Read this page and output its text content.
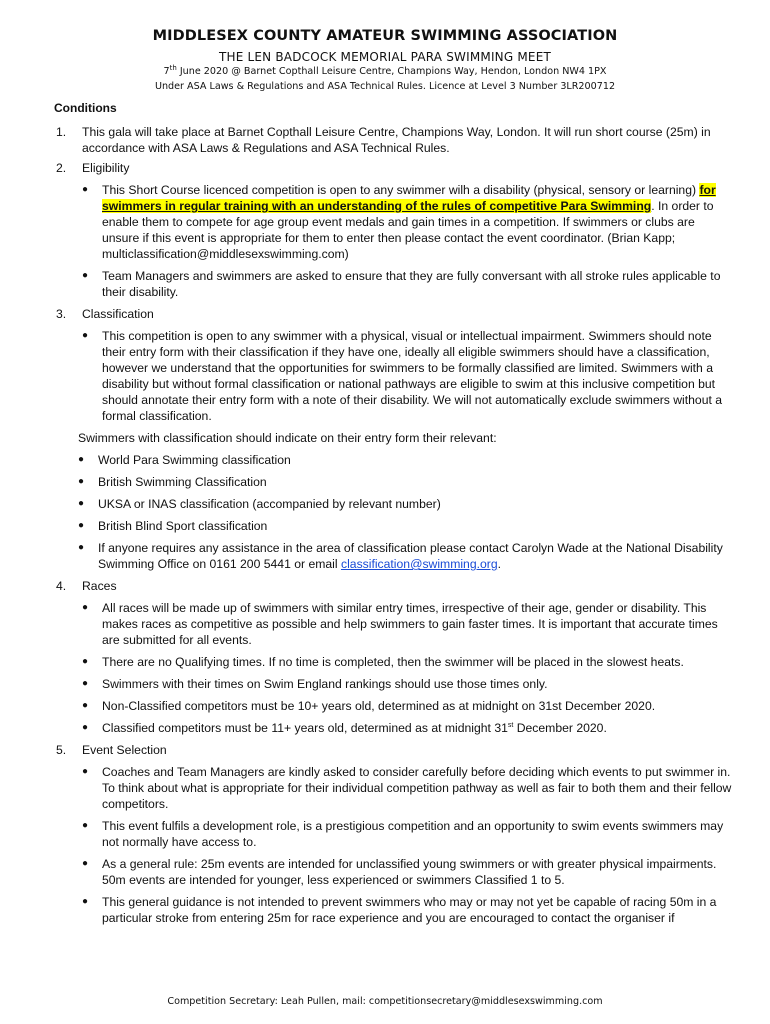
MIDDLESEX COUNTY AMATEUR SWIMMING ASSOCIATION
THE LEN BADCOCK MEMORIAL PARA SWIMMING MEET
7th June 2020 @ Barnet Copthall Leisure Centre, Champions Way, Hendon, London NW4 1PX
Under ASA Laws & Regulations and ASA Technical Rules. Licence at Level 3 Number 3LR200712
Conditions
1. This gala will take place at Barnet Copthall Leisure Centre, Champions Way, London. It will run short course (25m) in accordance with ASA Laws & Regulations and ASA Technical Rules.
2. Eligibility
● This Short Course licenced competition is open to any swimmer wilh a disability (physical, sensory or learning) for swimmers in regular training with an understanding of the rules of competitive Para Swimming. In order to enable them to compete for age group event medals and gain times in a competition. If swimmers or clubs are unsure if this event is appropriate for them to enter then please contact the event coordinator. (Brian Kapp; multiclassification@middlesexswimming.com)
● Team Managers and swimmers are asked to ensure that they are fully conversant with all stroke rules applicable to their disability.
3. Classification
● This competition is open to any swimmer with a physical, visual or intellectual impairment. Swimmers should note their entry form with their classification if they have one, ideally all eligible swimmers should have a classification, however we understand that the opportunities for swimmers to be formally classified are limited. Swimmers with a disability but without formal classification or national pathways are eligible to swim at this inclusive competition but should annotate their entry form with a note of their disability. We will not automatically exclude swimmers without a formal classification.
Swimmers with classification should indicate on their entry form their relevant:
● World Para Swimming classification
● British Swimming Classification
● UKSA or INAS classification (accompanied by relevant number)
● British Blind Sport classification
● If anyone requires any assistance in the area of classification please contact Carolyn Wade at the National Disability Swimming Office on 0161 200 5441 or email classification@swimming.org.
4. Races
● All races will be made up of swimmers with similar entry times, irrespective of their age, gender or disability. This makes races as competitive as possible and help swimmers to gain faster times. It is important that accurate times are submitted for all events.
● There are no Qualifying times. If no time is completed, then the swimmer will be placed in the slowest heats.
● Swimmers with their times on Swim England rankings should use those times only.
● Non-Classified competitors must be 10+ years old, determined as at midnight on 31st December 2020.
● Classified competitors must be 11+ years old, determined as at midnight 31st December 2020.
5. Event Selection
● Coaches and Team Managers are kindly asked to consider carefully before deciding which events to put swimmer in. To think about what is appropriate for their individual competition pathway as well as fair to both them and their fellow competitors.
● This event fulfils a development role, is a prestigious competition and an opportunity to swim events swimmers may not normally have access to.
● As a general rule: 25m events are intended for unclassified young swimmers or with greater physical impairments. 50m events are intended for younger, less experienced or swimmers Classified 1 to 5.
● This general guidance is not intended to prevent swimmers who may or may not yet be capable of racing 50m in a particular stroke from entering 25m for race experience and you are encouraged to contact the organiser if
Competition Secretary: Leah Pullen, mail: competitionsecretary@middlesexswimming.com
